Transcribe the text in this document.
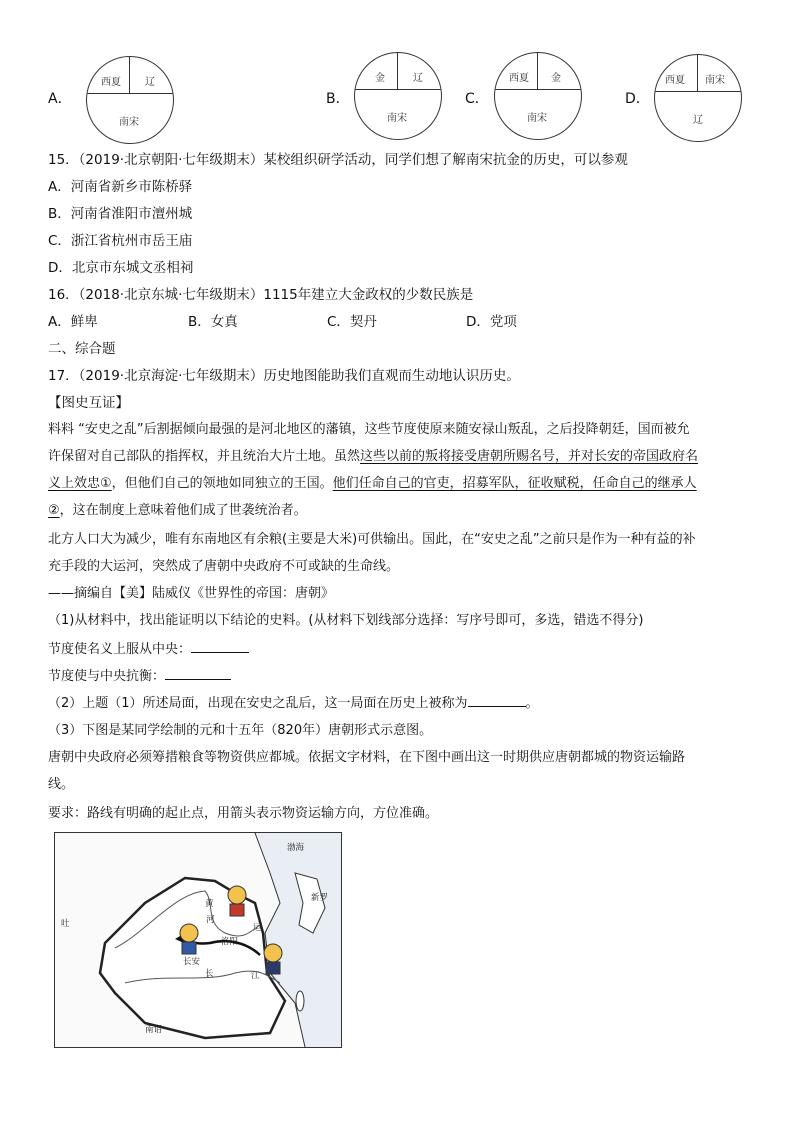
A．
西夏 辽
南宋
B．
金	辽
南宋
C．
西夏 金
南宋
D．
西夏 南宋
辽
15．（2019·北京朝阳·七年级期末）某校组织研学活动，同学们想了解南宋抗金的历史，可以参观
A．河南省新乡市陈桥驿
B．河南省淮阳市澶州城
C．浙江省杭州市岳王庙
D．北京市东城文丞相祠
16．（2018·北京东城·七年级期末）1115年建立大金政权的少数民族是
A．鲜卑	B．女真	C．契丹	D．党项
二、综合题
17．（2019·北京海淀·七年级期末）历史地图能助我们直观而生动地认识历史。
【图史互证】
料料 “安史之乱”后割据倾向最强的是河北地区的藩镇，这些节度使原来随安禄山叛乱，之后投降朝廷，国而被允
许保留对自己部队的指挥权，并且统治大片土地。虽然这些以前的叛将接受唐朝所赐名号，并对长安的帝国政府名
义上效忠①，但他们自己的领地如同独立的王国。他们任命自己的官吏，招募军队，征收赋税，任命自己的继承人
②，这在制度上意味着他们成了世袭统治者。
北方人口大为减少，唯有东南地区有余粮(主要是大米)可供输出。国此，在“安史之乱”之前只是作为一种有益的补
充手段的大运河，突然成了唐朝中央政府不可或缺的生命线。
——摘编自【美】陆威仪《世界性的帝国：唐朝》
（1)从材料中，找出能证明以下结论的史料。(从材料下划线部分选择：写序号即可，多选，错选不得分)
节度使名义上服从中央：
节度使与中央抗衡：
（2）上题（1）所述局面，出现在安史之乱后，这一局面在历史上被称为	。
（3）下图是某同学绘制的元和十五年（820年）唐朝形式示意图。
唐朝中央政府必须筹措粮食等物资供应都城。依据文字材料，在下图中画出这一时期供应唐朝都城的物资运输路
线。
要求：路线有明确的起止点，用箭头表示物资运输方向，方位准确。
渤海
新罗
吐
黄
河
洛阳
长安
长	江
运
南诏
